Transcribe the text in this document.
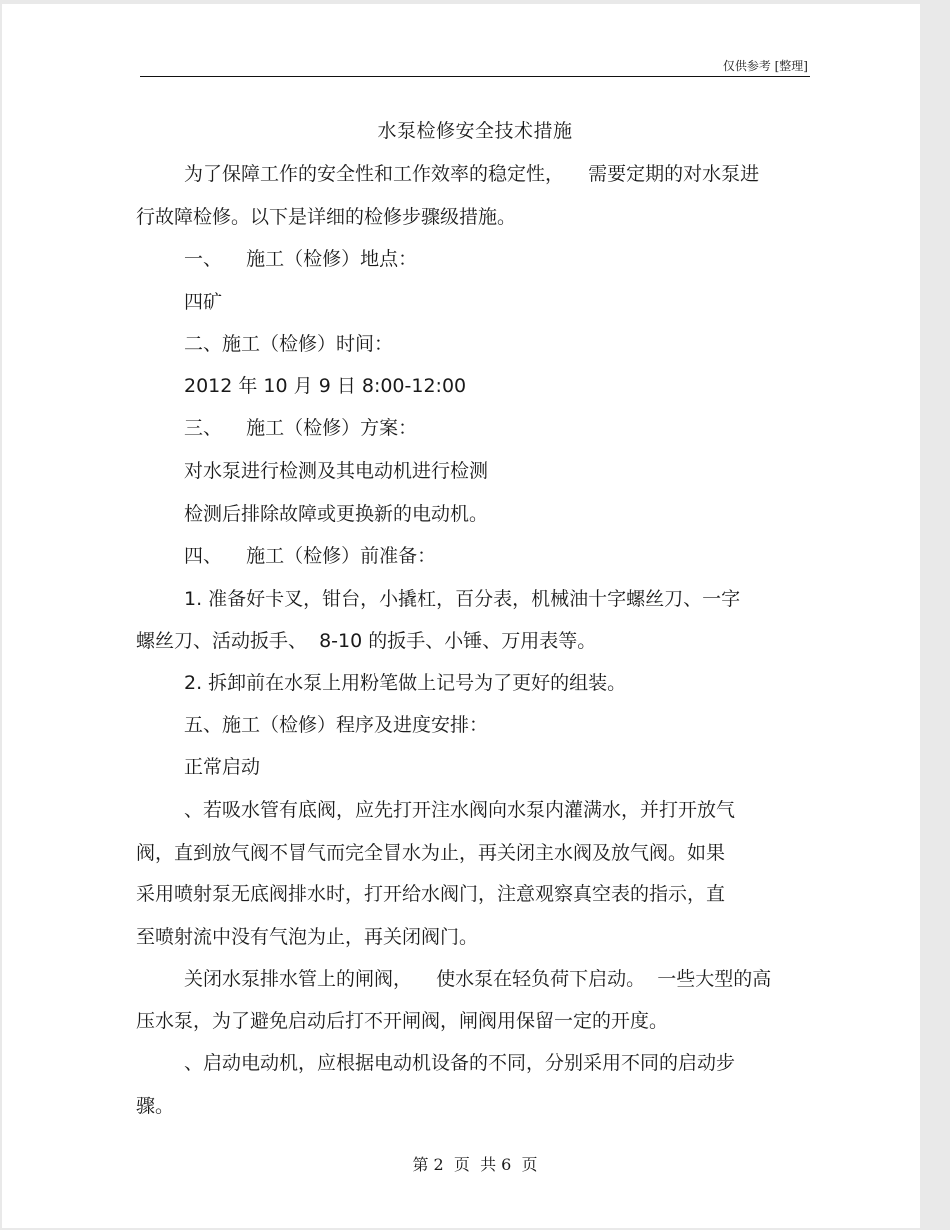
仅供参考 [整理]
水泵检修安全技术措施
为了保障工作的安全性和工作效率的稳定性，    需要定期的对水泵进
行故障检修。以下是详细的检修步骤级措施。
一、    施工（检修）地点：
四矿
二、施工（检修）时间：
2012 年 10 月 9 日 8:00-12:00
三、    施工（检修）方案：
对水泵进行检测及其电动机进行检测
检测后排除故障或更换新的电动机。
四、    施工（检修）前准备：
1. 准备好卡叉，钳台，小撬杠，百分表，机械油十字螺丝刀、一字
螺丝刀、活动扳手、  8-10 的扳手、小锤、万用表等。
2. 拆卸前在水泵上用粉笔做上记号为了更好的组装。
五、施工（检修）程序及进度安排：
正常启动
、若吸水管有底阀，应先打开注水阀向水泵内灌满水，并打开放气
阀，直到放气阀不冒气而完全冒水为止，再关闭主水阀及放气阀。如果
采用喷射泵无底阀排水时，打开给水阀门，注意观察真空表的指示，直
至喷射流中没有气泡为止，再关闭阀门。
关闭水泵排水管上的闸阀，    使水泵在轻负荷下启动。  一些大型的高
压水泵，为了避免启动后打不开闸阀，闸阀用保留一定的开度。
、启动电动机，应根据电动机设备的不同，分别采用不同的启动步
骤。
第 2  页  共 6  页
